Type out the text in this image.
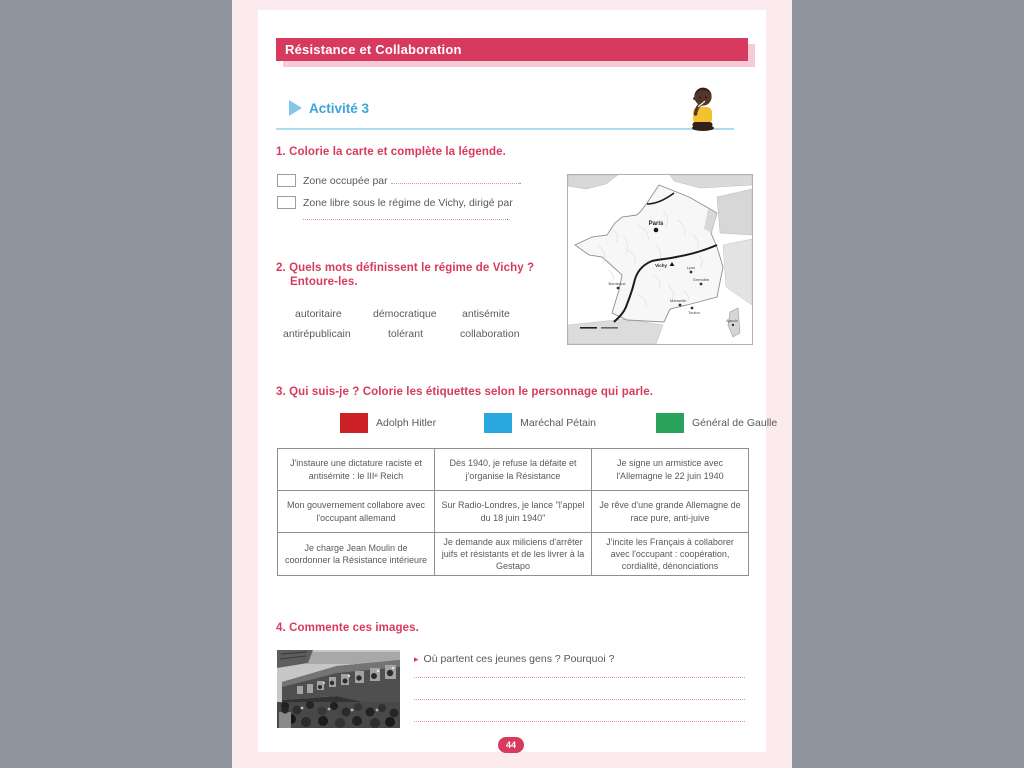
Résistance et Collaboration
Activité 3
1. Colorie la carte et complète la légende.
Zone occupée par	.
Zone libre sous le régime de Vichy, dirigé par
.
Paris
Vichy
Bordeaux
Lyon
Grenoble
Marseille
Toulon
Ajaccio
2. Quels mots définissent le régime de Vichy ?
Entoure-les.
autoritaire	démocratique antisémite
antirépublicain	tolérant	collaboration
3. Qui suis-je ? Colorie les étiquettes selon le personnage qui parle.
Adolph Hitler	Maréchal Pétain	Général de Gaulle
J'instaure une dictature raciste et antisémite : le IIIᵉ Reich	Dès 1940, je refuse la défaite et j'organise la Résistance	Je signe un armistice avec l'Allemagne le 22 juin 1940
Mon gouvernement collabore avec l'occupant allemand	Sur Radio-Londres, je lance "l'appel du 18 juin 1940"	Je rêve d'une grande Allemagne de race pure, anti-juive
Je charge Jean Moulin de coordonner la Résistance intérieure	Je demande aux miliciens d'arrêter juifs et résistants et de les livrer à la Gestapo	J'incite les Français à collaborer avec l'occupant : coopération, cordialité, dénonciations
4. Commente ces images.
▸ Où partent ces jeunes gens ? Pourquoi ?
44
